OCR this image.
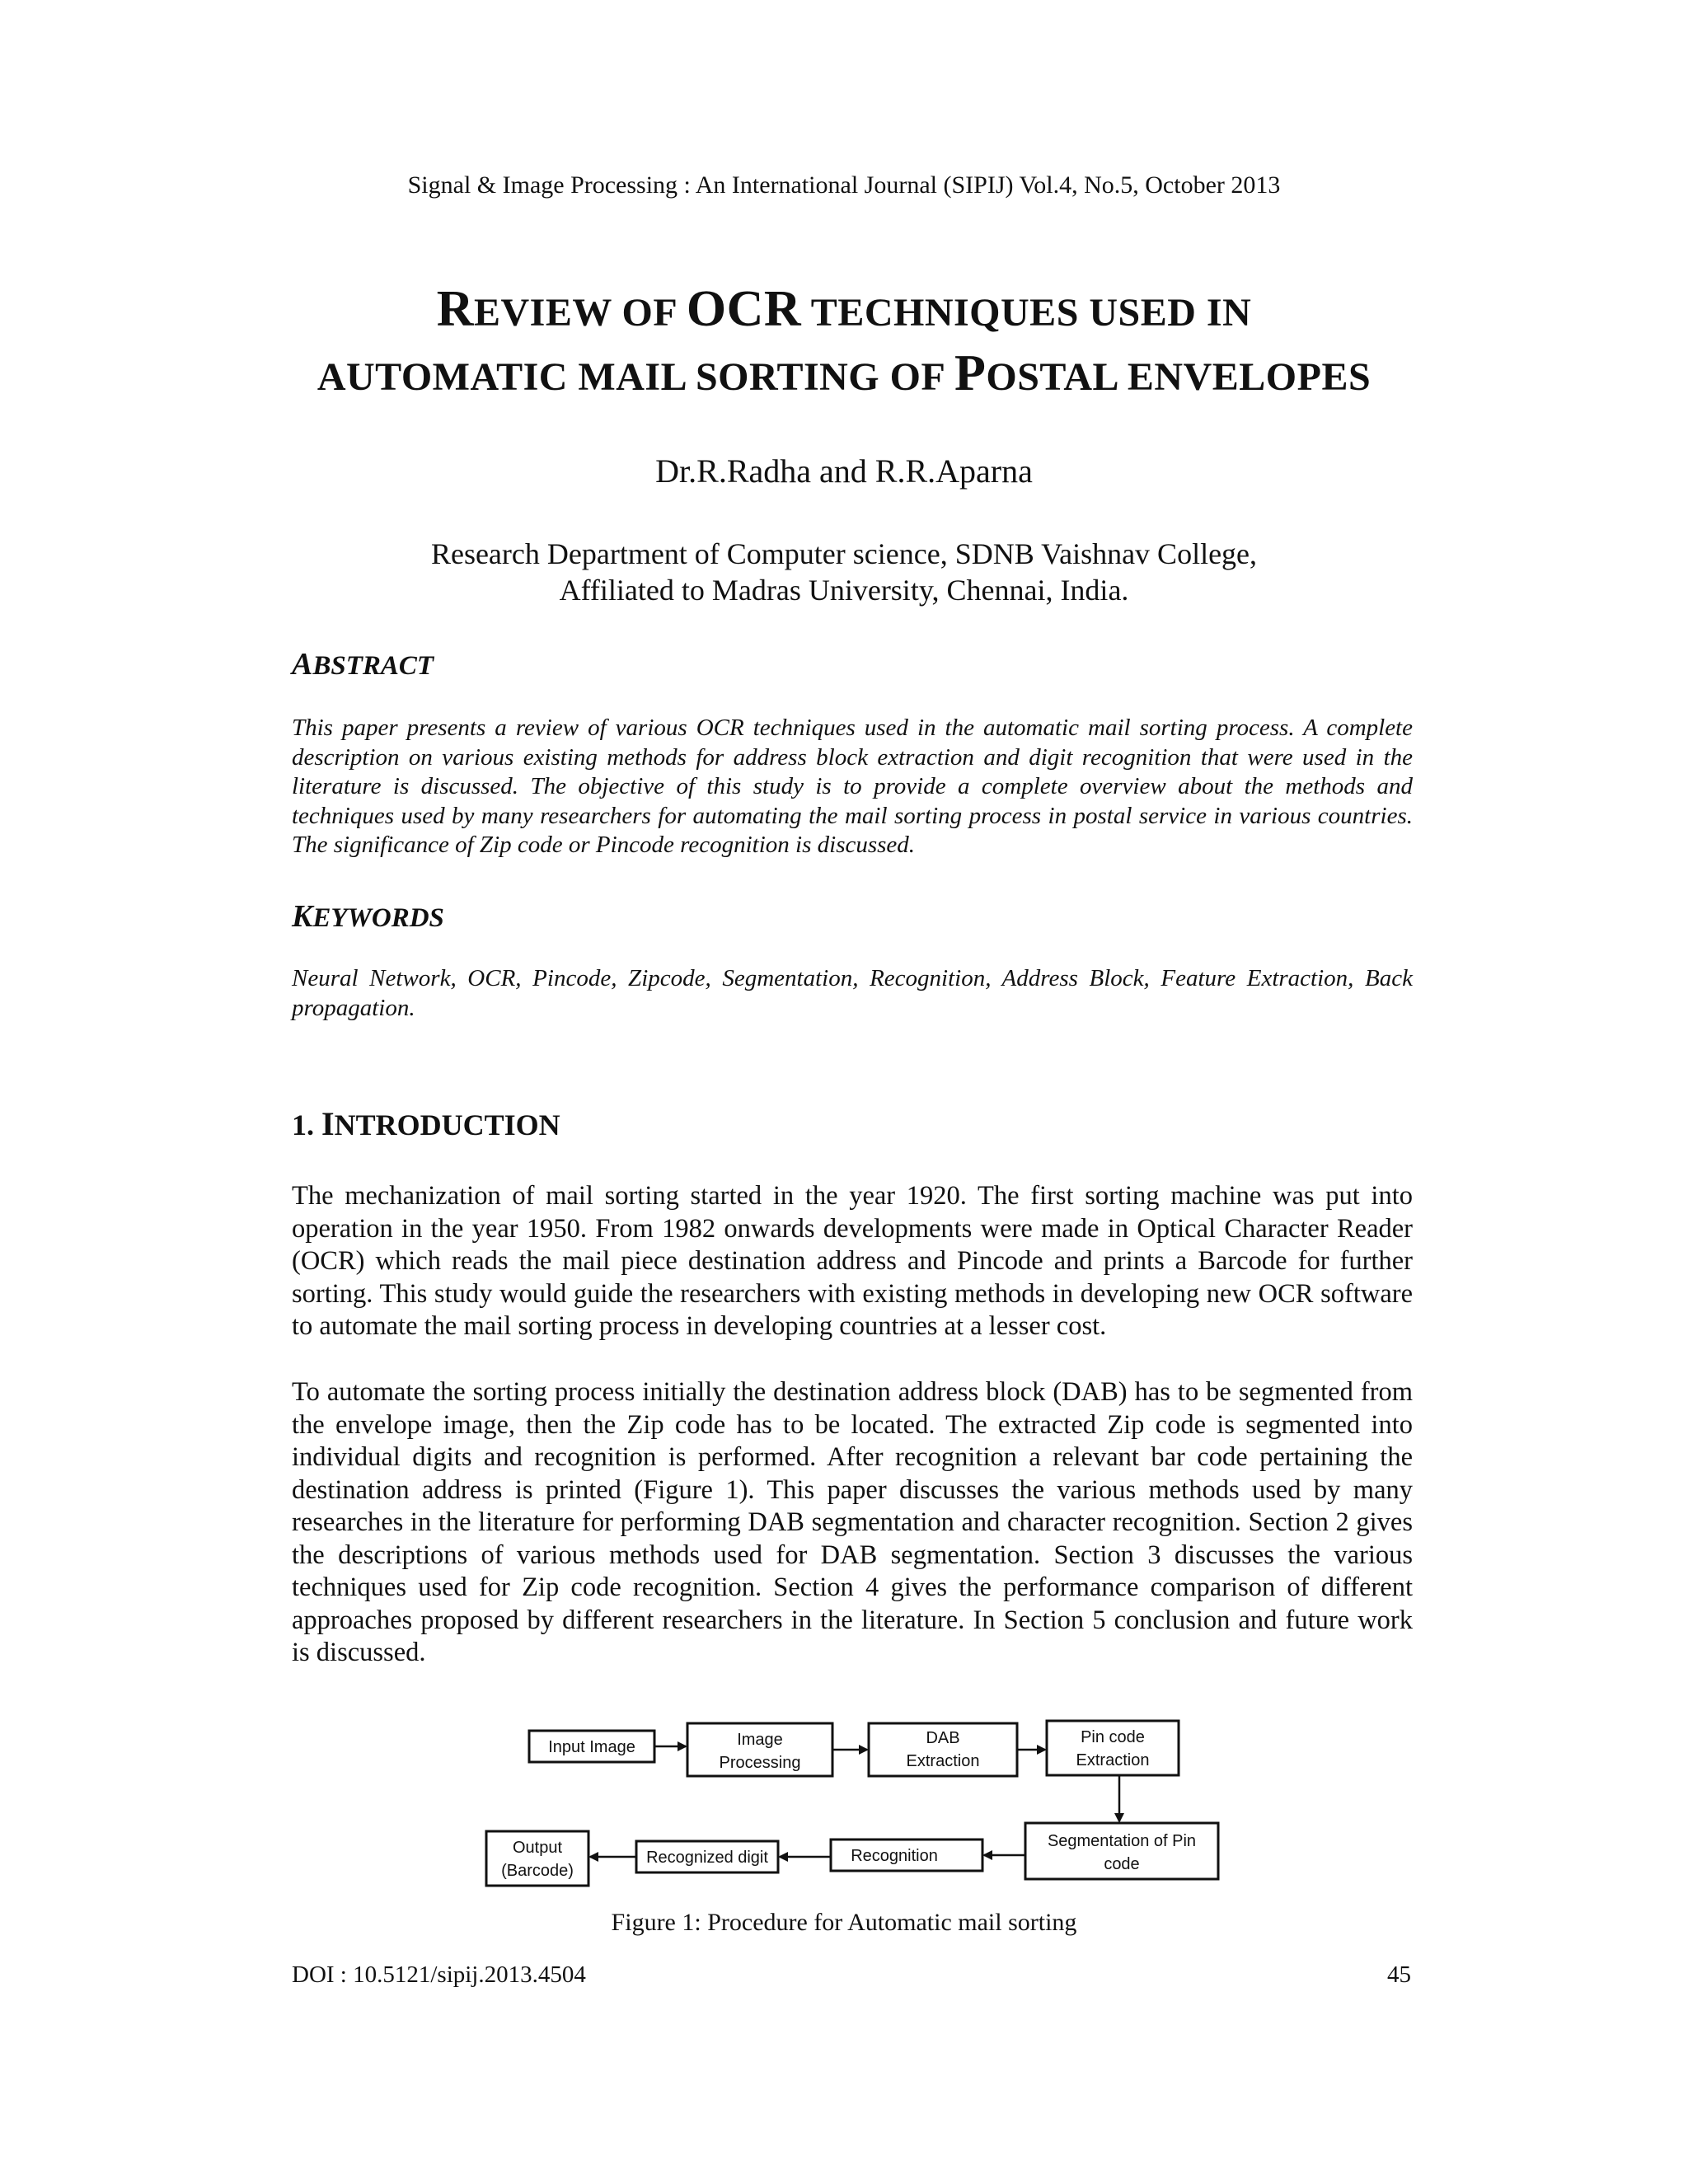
Signal & Image Processing : An International Journal (SIPIJ) Vol.4, No.5, October 2013
REVIEW OF OCR TECHNIQUES USED IN
AUTOMATIC MAIL SORTING OF POSTAL ENVELOPES
Dr.R.Radha and R.R.Aparna
Research Department of Computer science, SDNB Vaishnav College,
Affiliated to Madras University, Chennai, India.
ABSTRACT
This paper presents a review of various OCR techniques used in the automatic mail sorting process. A complete description on various existing methods for address block extraction and digit recognition that were used in the literature is discussed. The objective of this study is to provide a complete overview about the methods and techniques used by many researchers for automating the mail sorting process in postal service in various countries. The significance of Zip code or Pincode recognition is discussed.
KEYWORDS
Neural Network, OCR, Pincode, Zipcode, Segmentation, Recognition, Address Block, Feature Extraction, Back propagation.
1. INTRODUCTION
The mechanization of mail sorting started in the year 1920. The first sorting machine was put into operation in the year 1950. From 1982 onwards developments were made in Optical Character Reader (OCR) which reads the mail piece destination address and Pincode and prints a Barcode for further sorting. This study would guide the researchers with existing methods in developing new OCR software to automate the mail sorting process in developing countries at a lesser cost.
To automate the sorting process initially the destination address block (DAB) has to be segmented from the envelope image, then the Zip code has to be located. The extracted Zip code is segmented into individual digits and recognition is performed. After recognition a relevant bar code pertaining the destination address is printed (Figure 1). This paper discusses the various methods used by many researches in the literature for performing DAB segmentation and character recognition. Section 2 gives the descriptions of various methods used for DAB segmentation. Section 3 discusses the various techniques used for Zip code recognition. Section 4 gives the performance comparison of different approaches proposed by different researchers in the literature. In Section 5 conclusion and future work is discussed.
Input Image	Image
Processing
DAB
Extraction
Pin code
Extraction
Segmentation of Pin
code
Recognition
Recognized digit
Output
(Barcode)
Figure 1: Procedure for Automatic mail sorting
DOI : 10.5121/sipij.2013.4504	45
